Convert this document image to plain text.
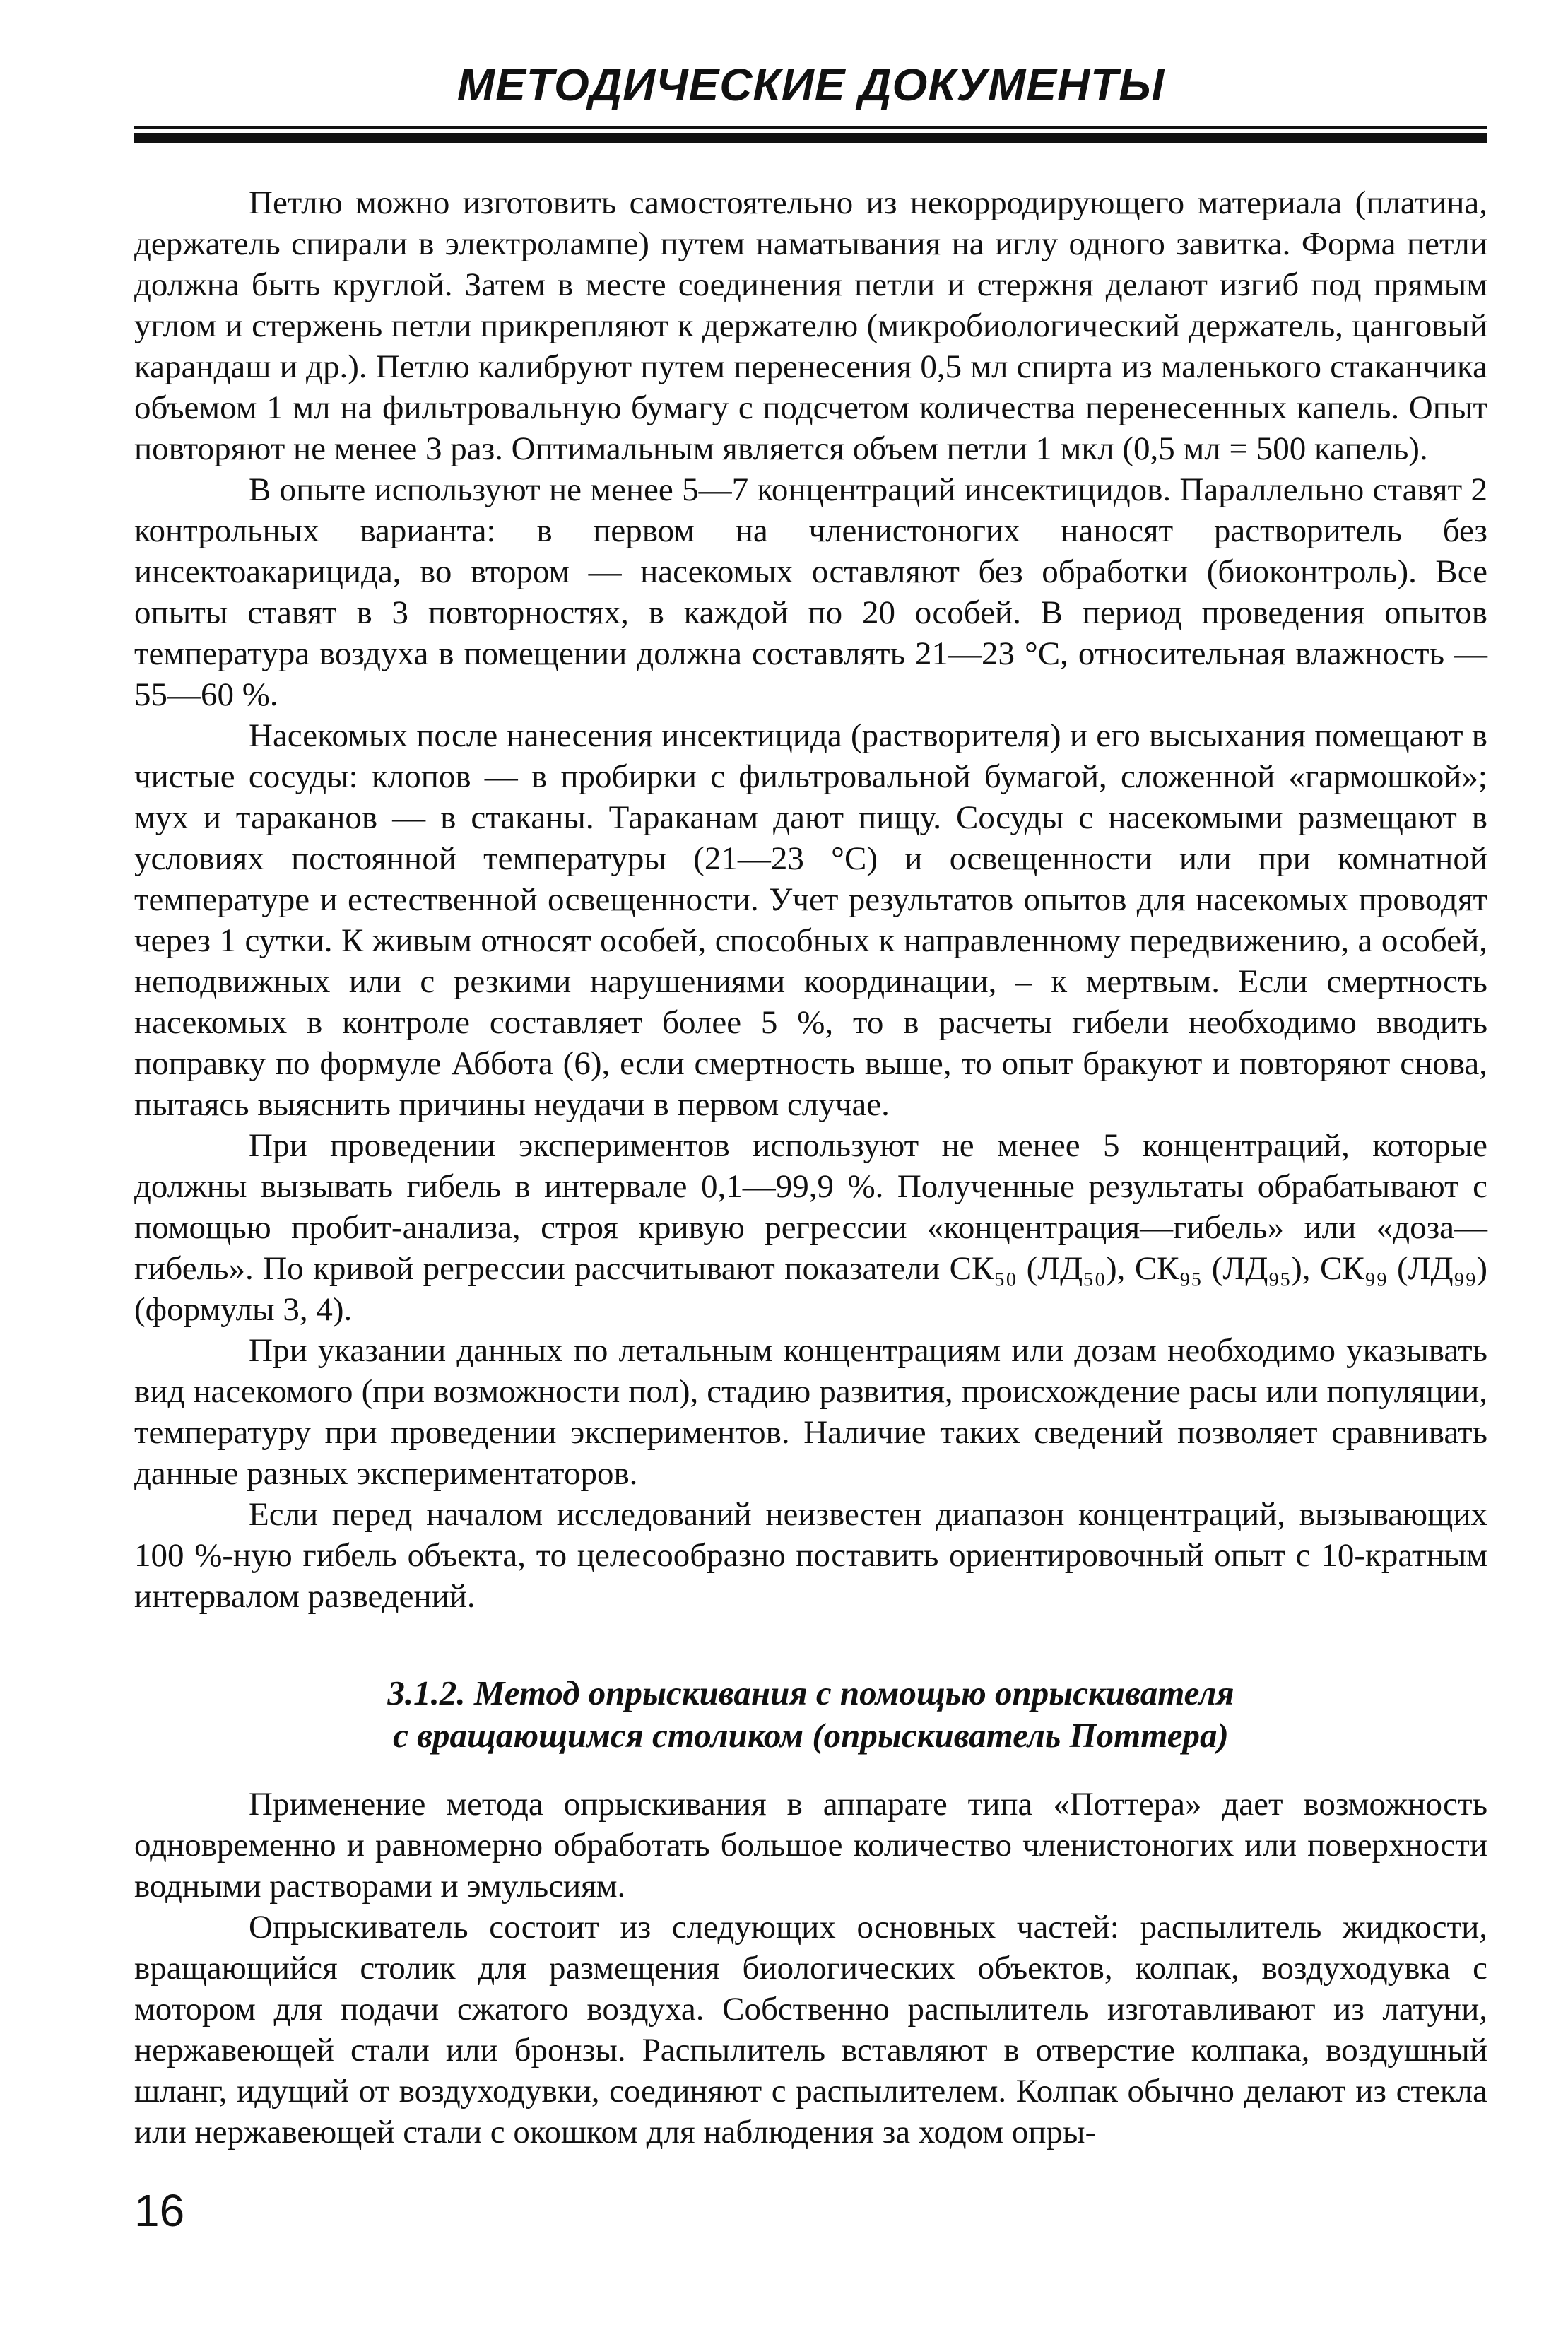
МЕТОДИЧЕСКИЕ ДОКУМЕНТЫ

Петлю можно изготовить самостоятельно из некорродирующего материала (платина, держатель спирали в электролампе) путем наматывания на иглу одного завитка. Форма петли должна быть круглой. Затем в месте соединения петли и стержня делают изгиб под прямым углом и стержень петли прикрепляют к держателю (микробиологический держатель, цанговый карандаш и др.). Петлю калибруют путем перенесения 0,5 мл спирта из маленького стаканчика объемом 1 мл на фильтровальную бумагу с подсчетом количества перенесенных капель. Опыт повторяют не менее 3 раз. Оптимальным является объем петли 1 мкл (0,5 мл = 500 капель).

В опыте используют не менее 5—7 концентраций инсектицидов. Параллельно ставят 2 контрольных варианта: в первом на членистоногих наносят растворитель без инсектоакарицида, во втором — насекомых оставляют без обработки (биоконтроль). Все опыты ставят в 3 повторностях, в каждой по 20 особей. В период проведения опытов температура воздуха в помещении должна составлять 21—23 °С, относительная влажность — 55—60 %.

Насекомых после нанесения инсектицида (растворителя) и его высыхания помещают в чистые сосуды: клопов — в пробирки с фильтровальной бумагой, сложенной «гармошкой»; мух и тараканов — в стаканы. Тараканам дают пищу. Сосуды с насекомыми размещают в условиях постоянной температуры (21—23 °С) и освещенности или при комнатной температуре и естественной освещенности. Учет результатов опытов для насекомых проводят через 1 сутки. К живым относят особей, способных к направленному передвижению, а особей, неподвижных или с резкими нарушениями координации, – к мертвым. Если смертность насекомых в контроле составляет более 5 %, то в расчеты гибели необходимо вводить поправку по формуле Аббота (6), если смертность выше, то опыт бракуют и повторяют снова, пытаясь выяснить причины неудачи в первом случае.

При проведении экспериментов используют не менее 5 концентраций, которые должны вызывать гибель в интервале 0,1—99,9 %. Полученные результаты обрабатывают с помощью пробит-анализа, строя кривую регрессии «концентрация—гибель» или «доза—гибель». По кривой регрессии рассчитывают показатели СК₅₀ (ЛД₅₀), СК₉₅ (ЛД₉₅), СК₉₉ (ЛД₉₉) (формулы 3, 4).

При указании данных по летальным концентрациям или дозам необходимо указывать вид насекомого (при возможности пол), стадию развития, происхождение расы или популяции, температуру при проведении экспериментов. Наличие таких сведений позволяет сравнивать данные разных экспериментаторов.

Если перед началом исследований неизвестен диапазон концентраций, вызывающих 100 %-ную гибель объекта, то целесообразно поставить ориентировочный опыт с 10-кратным интервалом разведений.

3.1.2. Метод опрыскивания с помощью опрыскивателя
с вращающимся столиком (опрыскиватель Поттера)

Применение метода опрыскивания в аппарате типа «Поттера» дает возможность одновременно и равномерно обработать большое количество членистоногих или поверхности водными растворами и эмульсиям.

Опрыскиватель состоит из следующих основных частей: распылитель жидкости, вращающийся столик для размещения биологических объектов, колпак, воздуходувка с мотором для подачи сжатого воздуха. Собственно распылитель изготавливают из латуни, нержавеющей стали или бронзы. Распылитель вставляют в отверстие колпака, воздушный шланг, идущий от воздуходувки, соединяют с распылителем. Колпак обычно делают из стекла или нержавеющей стали с окошком для наблюдения за ходом опры-

16
